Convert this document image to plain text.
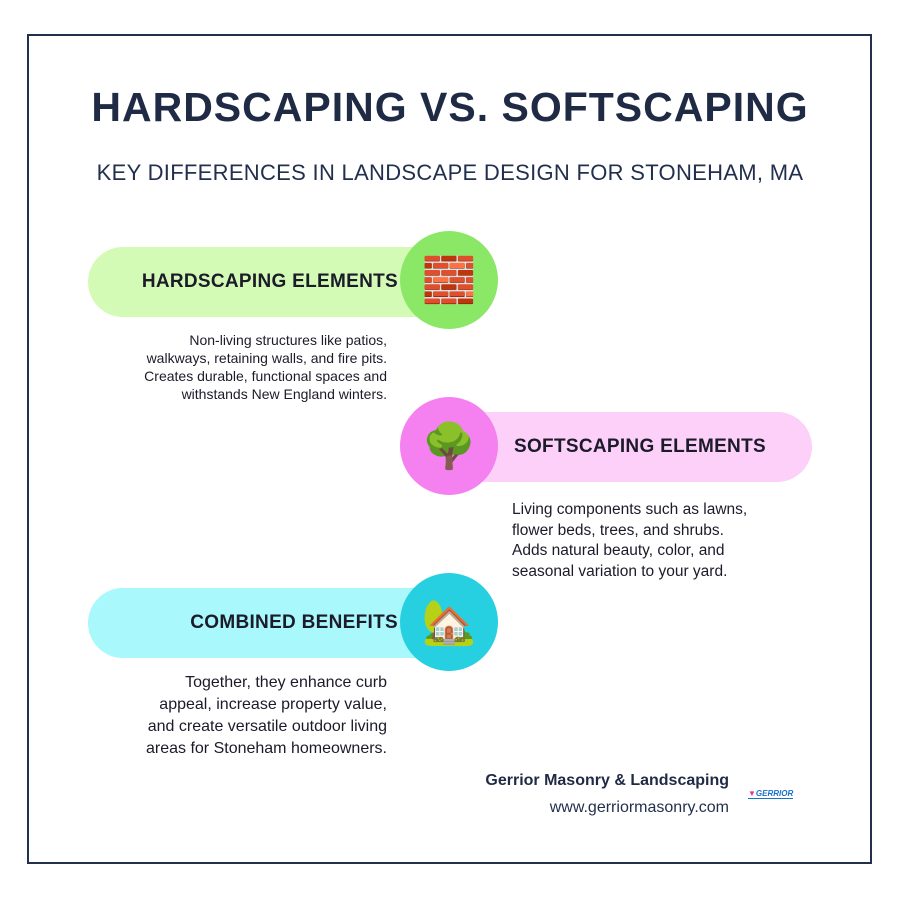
HARDSCAPING VS. SOFTSCAPING
KEY DIFFERENCES IN LANDSCAPE DESIGN FOR STONEHAM, MA
HARDSCAPING ELEMENTS 🧱
Non-living structures like patios,
walkways, retaining walls, and fire pits.
Creates durable, functional spaces and
withstands New England winters.
SOFTSCAPING ELEMENTS
🌳
Living components such as lawns,
flower beds, trees, and shrubs.
Adds natural beauty, color, and
seasonal variation to your yard.
COMBINED BENEFITS 🏡
Together, they enhance curb
appeal, increase property value,
and create versatile outdoor living
areas for Stoneham homeowners.
Gerrior Masonry & Landscaping
www.gerriormasonry.com
▼GERRIOR
